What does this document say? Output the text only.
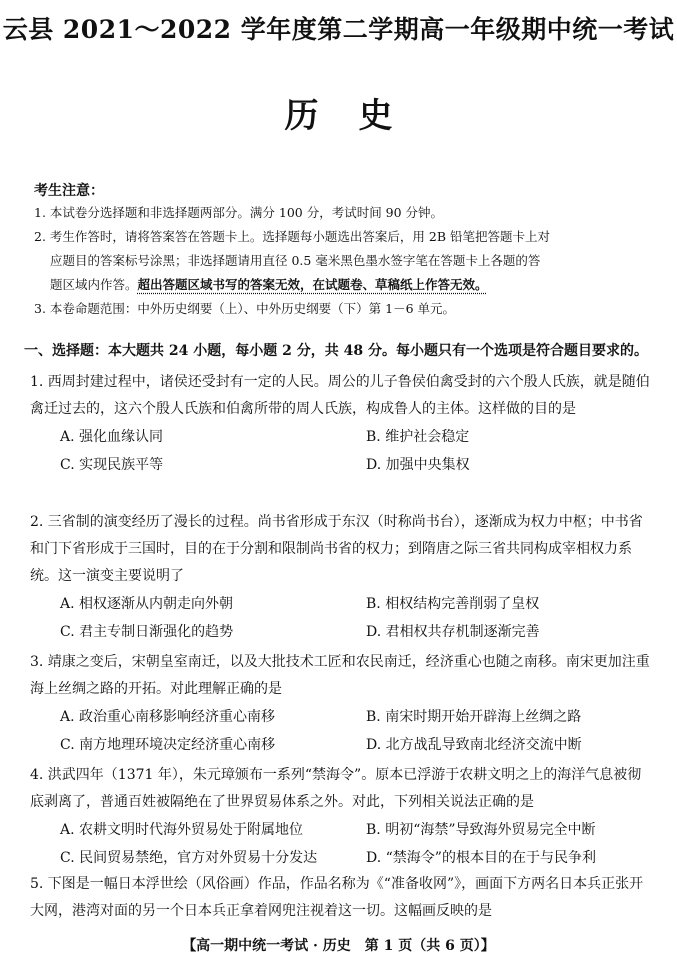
云县 2021～2022 学年度第二学期高一年级期中统一考试
历史
考生注意：
1. 本试卷分选择题和非选择题两部分。满分 100 分，考试时间 90 分钟。
2. 考生作答时，请将答案答在答题卡上。选择题每小题选出答案后，用 2B 铅笔把答题卡上对
应题目的答案标号涂黑；非选择题请用直径 0.5 毫米黑色墨水签字笔在答题卡上各题的答
题区域内作答。超出答题区域书写的答案无效，在试题卷、草稿纸上作答无效。
3. 本卷命题范围：中外历史纲要（上）、中外历史纲要（下）第 1－6 单元。
一、选择题：本大题共 24 小题，每小题 2 分，共 48 分。每小题只有一个选项是符合题目要求的。
1. 西周封建过程中，诸侯还受封有一定的人民。周公的儿子鲁侯伯禽受封的六个殷人氏族，就是随伯禽迁过去的，这六个殷人氏族和伯禽所带的周人氏族，构成鲁人的主体。这样做的目的是
A. 强化血缘认同	B. 维护社会稳定
C. 实现民族平等	D. 加强中央集权
2. 三省制的演变经历了漫长的过程。尚书省形成于东汉（时称尚书台），逐渐成为权力中枢；中书省和门下省形成于三国时，目的在于分割和限制尚书省的权力；到隋唐之际三省共同构成宰相权力系统。这一演变主要说明了
A. 相权逐渐从内朝走向外朝	B. 相权结构完善削弱了皇权
C. 君主专制日渐强化的趋势	D. 君相权共存机制逐渐完善
3. 靖康之变后，宋朝皇室南迁，以及大批技术工匠和农民南迁，经济重心也随之南移。南宋更加注重海上丝绸之路的开拓。对此理解正确的是
A. 政治重心南移影响经济重心南移	B. 南宋时期开始开辟海上丝绸之路
C. 南方地理环境决定经济重心南移	D. 北方战乱导致南北经济交流中断
4. 洪武四年（1371 年），朱元璋颁布一系列“禁海令”。原本已浮游于农耕文明之上的海洋气息被彻底剥离了，普通百姓被隔绝在了世界贸易体系之外。对此，下列相关说法正确的是
A. 农耕文明时代海外贸易处于附属地位	B. 明初“海禁”导致海外贸易完全中断
C. 民间贸易禁绝，官方对外贸易十分发达	D. “禁海令”的根本目的在于与民争利
5. 下图是一幅日本浮世绘（风俗画）作品，作品名称为《“准备收网”》，画面下方两名日本兵正张开大网，港湾对面的另一个日本兵正拿着网兜注视着这一切。这幅画反映的是
【高一期中统一考试 · 历史　第 1 页（共 6 页）】
